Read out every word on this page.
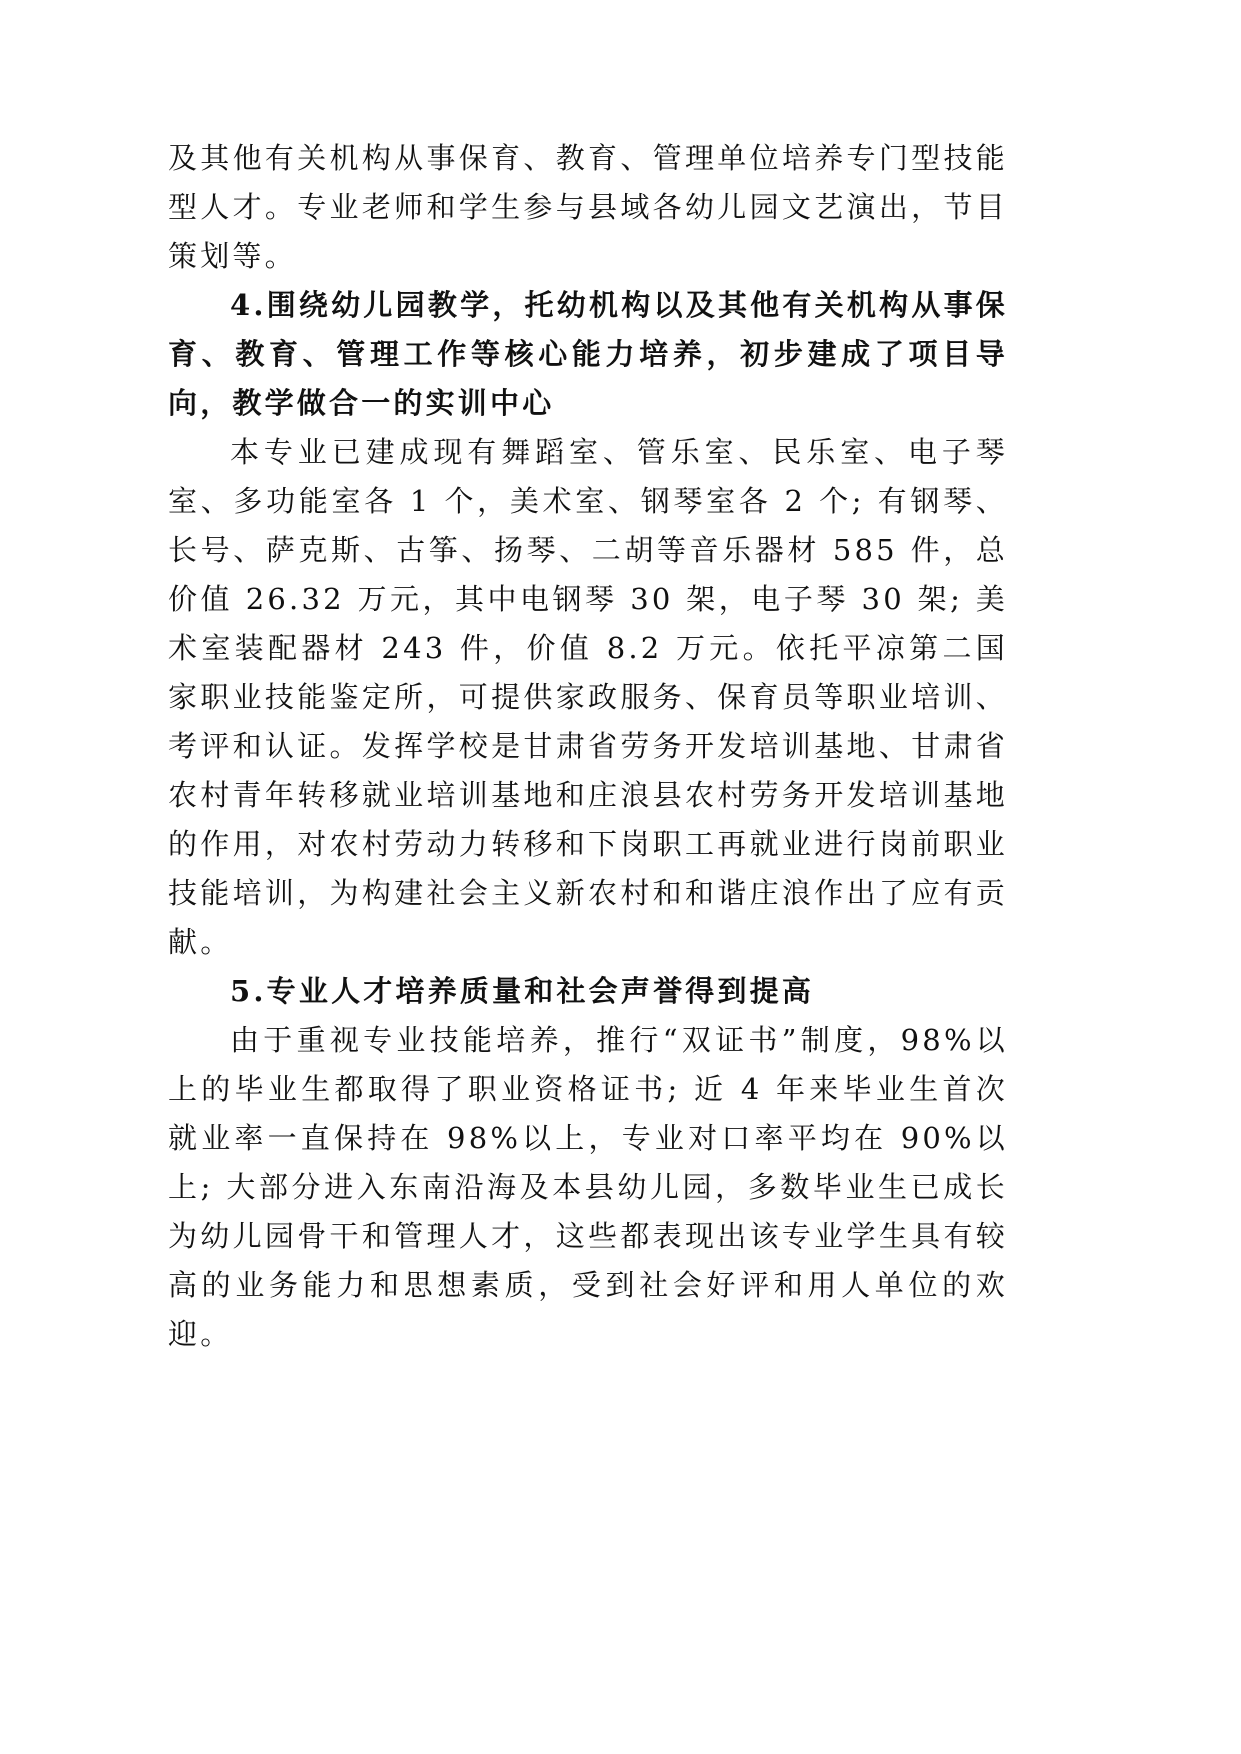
及其他有关机构从事保育、教育、管理单位培养专门型技能型人才。专业老师和学生参与县域各幼儿园文艺演出，节目策划等。

4.围绕幼儿园教学，托幼机构以及其他有关机构从事保育、教育、管理工作等核心能力培养，初步建成了项目导向，教学做合一的实训中心

本专业已建成现有舞蹈室、管乐室、民乐室、电子琴室、多功能室各 1 个，美术室、钢琴室各 2 个; 有钢琴、长号、萨克斯、古筝、扬琴、二胡等音乐器材 585 件，总价值 26.32 万元，其中电钢琴 30 架，电子琴 30 架; 美术室装配器材 243 件，价值 8.2 万元。依托平凉第二国家职业技能鉴定所，可提供家政服务、保育员等职业培训、考评和认证。发挥学校是甘肃省劳务开发培训基地、甘肃省农村青年转移就业培训基地和庄浪县农村劳务开发培训基地的作用，对农村劳动力转移和下岗职工再就业进行岗前职业技能培训，为构建社会主义新农村和和谐庄浪作出了应有贡献。

5.专业人才培养质量和社会声誉得到提高

由于重视专业技能培养，推行“双证书”制度，98%以上的毕业生都取得了职业资格证书; 近 4 年来毕业生首次就业率一直保持在 98%以上，专业对口率平均在 90%以上; 大部分进入东南沿海及本县幼儿园，多数毕业生已成长为幼儿园骨干和管理人才，这些都表现出该专业学生具有较高的业务能力和思想素质，受到社会好评和用人单位的欢迎。
